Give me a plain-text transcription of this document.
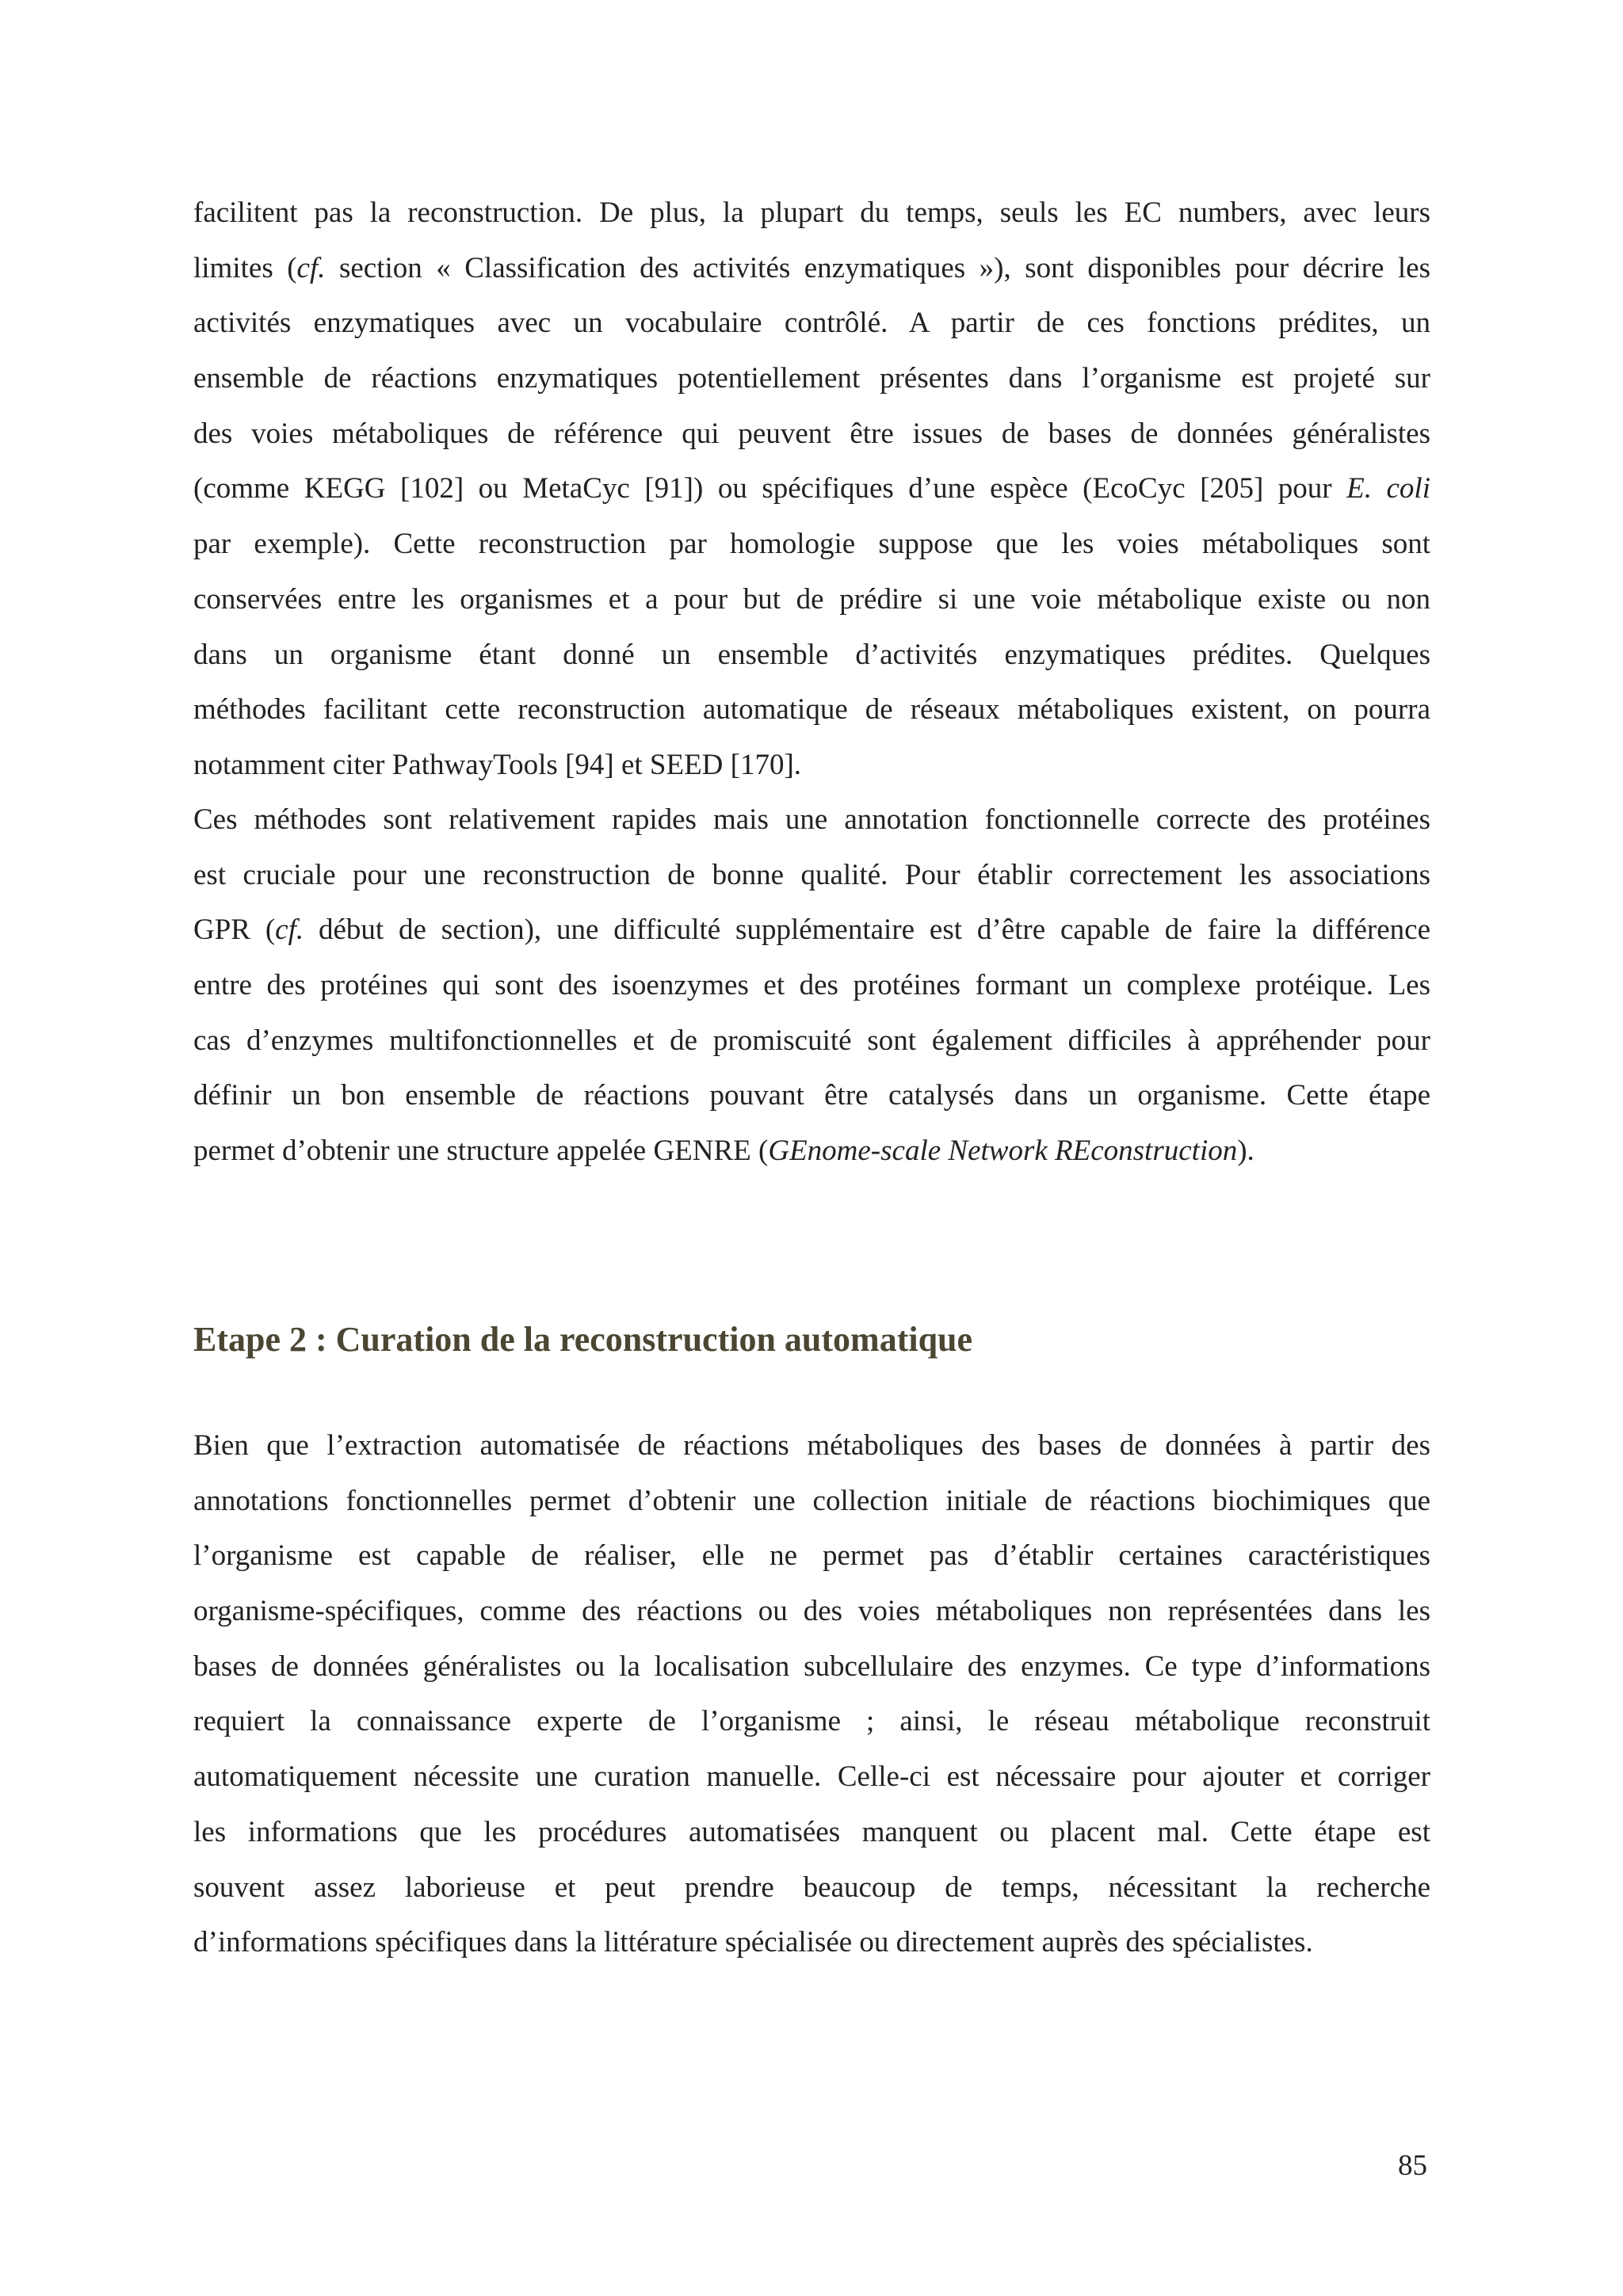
facilitent pas la reconstruction. De plus, la plupart du temps, seuls les EC numbers, avec leurs
limites (cf. section « Classification des activités enzymatiques »), sont disponibles pour décrire les
activités enzymatiques avec un vocabulaire contrôlé. A partir de ces fonctions prédites, un
ensemble de réactions enzymatiques potentiellement présentes dans l’organisme est projeté sur
des voies métaboliques de référence qui peuvent être issues de bases de données généralistes
(comme KEGG [102] ou MetaCyc [91]) ou spécifiques d’une espèce (EcoCyc [205] pour E. coli
par exemple). Cette reconstruction par homologie suppose que les voies métaboliques sont
conservées entre les organismes et a pour but de prédire si une voie métabolique existe ou non
dans un organisme étant donné un ensemble d’activités enzymatiques prédites. Quelques
méthodes facilitant cette reconstruction automatique de réseaux métaboliques existent, on pourra
notamment citer PathwayTools [94] et SEED [170].
Ces méthodes sont relativement rapides mais une annotation fonctionnelle correcte des protéines
est cruciale pour une reconstruction de bonne qualité. Pour établir correctement les associations
GPR (cf. début de section), une difficulté supplémentaire est d’être capable de faire la différence
entre des protéines qui sont des isoenzymes et des protéines formant un complexe protéique. Les
cas d’enzymes multifonctionnelles et de promiscuité sont également difficiles à appréhender pour
définir un bon ensemble de réactions pouvant être catalysés dans un organisme. Cette étape
permet d’obtenir une structure appelée GENRE (GEnome-scale Network REconstruction).
Etape 2 : Curation de la reconstruction automatique
Bien que l’extraction automatisée de réactions métaboliques des bases de données à partir des
annotations fonctionnelles permet d’obtenir une collection initiale de réactions biochimiques que
l’organisme est capable de réaliser, elle ne permet pas d’établir certaines caractéristiques
organisme-spécifiques, comme des réactions ou des voies métaboliques non représentées dans les
bases de données généralistes ou la localisation subcellulaire des enzymes. Ce type d’informations
requiert la connaissance experte de l’organisme ; ainsi, le réseau métabolique reconstruit
automatiquement nécessite une curation manuelle. Celle-ci est nécessaire pour ajouter et corriger
les informations que les procédures automatisées manquent ou placent mal. Cette étape est
souvent assez laborieuse et peut prendre beaucoup de temps, nécessitant la recherche
d’informations spécifiques dans la littérature spécialisée ou directement auprès des spécialistes.
85
